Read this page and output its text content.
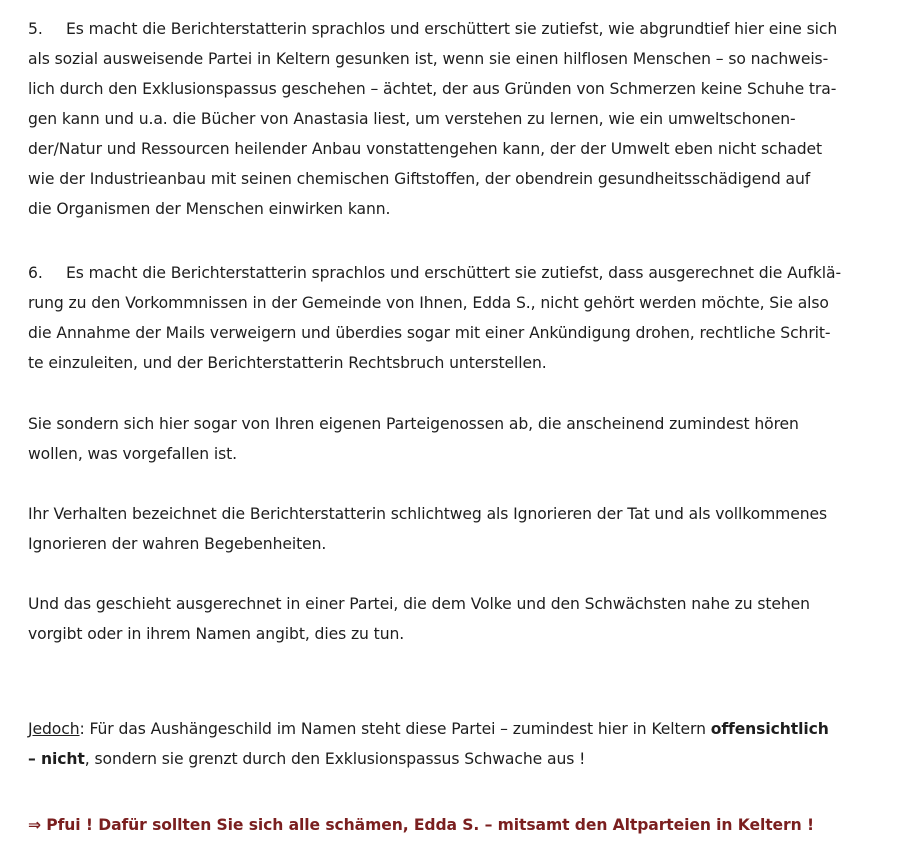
5. Es macht die Berichterstatterin sprachlos und erschüttert sie zutiefst, wie abgrundtief hier eine sich

als sozial ausweisende Partei in Keltern gesunken ist, wenn sie einen hilflosen Menschen – so nachweis-

lich durch den Exklusionspassus geschehen – ächtet, der aus Gründen von Schmerzen keine Schuhe tra-

gen kann und u.a. die Bücher von Anastasia liest, um verstehen zu lernen, wie ein umweltschonen-

der/Natur und Ressourcen heilender Anbau vonstattengehen kann, der der Umwelt eben nicht schadet

wie der Industrieanbau mit seinen chemischen Giftstoffen, der obendrein gesundheitsschädigend auf

die Organismen der Menschen einwirken kann.

6. Es macht die Berichterstatterin sprachlos und erschüttert sie zutiefst, dass ausgerechnet die Aufklä-

rung zu den Vorkommnissen in der Gemeinde von Ihnen, Edda S., nicht gehört werden möchte, Sie also

die Annahme der Mails verweigern und überdies sogar mit einer Ankündigung drohen, rechtliche Schrit-

te einzuleiten, und der Berichterstatterin Rechtsbruch unterstellen.

Sie sondern sich hier sogar von Ihren eigenen Parteigenossen ab, die anscheinend zumindest hören

wollen, was vorgefallen ist.

Ihr Verhalten bezeichnet die Berichterstatterin schlichtweg als Ignorieren der Tat und als vollkommenes

Ignorieren der wahren Begebenheiten.

Und das geschieht ausgerechnet in einer Partei, die dem Volke und den Schwächsten nahe zu stehen

vorgibt oder in ihrem Namen angibt, dies zu tun.

Jedoch: Für das Aushängeschild im Namen steht diese Partei – zumindest hier in Keltern offensichtlich

– nicht, sondern sie grenzt durch den Exklusionspassus Schwache aus !

⇒ Pfui ! Dafür sollten Sie sich alle schämen, Edda S. – mitsamt den Altparteien in Keltern !
